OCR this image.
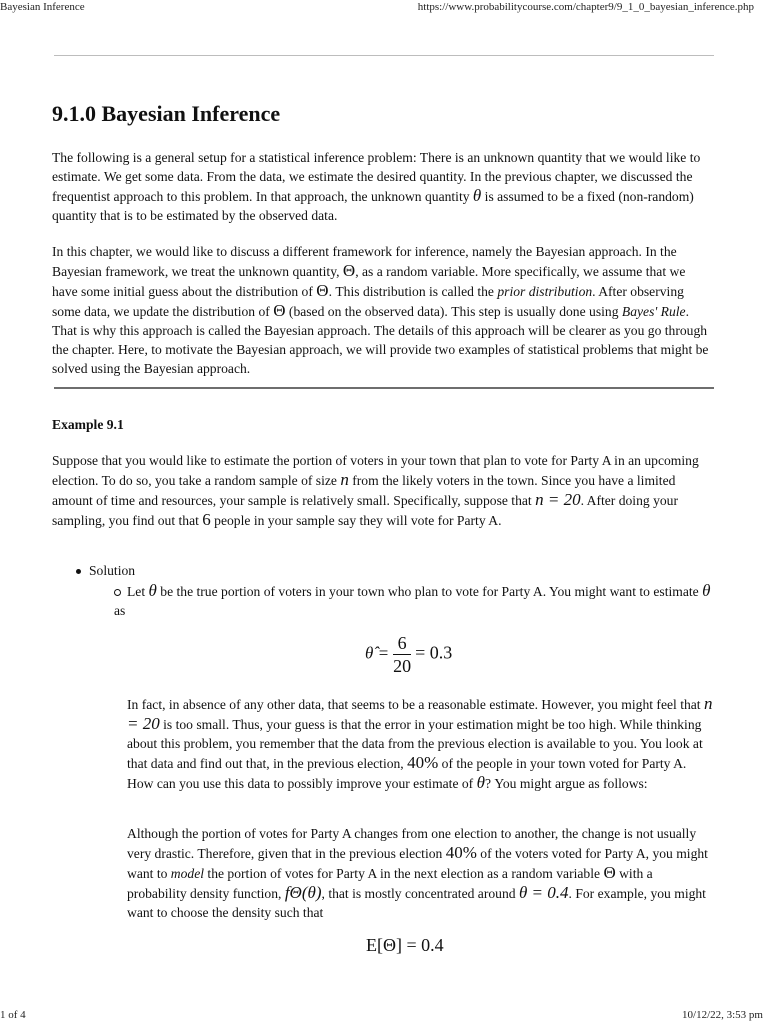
Bayesian Inference	https://www.probabilitycourse.com/chapter9/9_1_0_bayesian_inference.php
9.1.0 Bayesian Inference

The following is a general setup for a statistical inference problem: There is an unknown quantity that we would like to estimate. We get some data. From the data, we estimate the desired quantity. In the previous chapter, we discussed the frequentist approach to this problem. In that approach, the unknown quantity θ is assumed to be a fixed (non-random) quantity that is to be estimated by the observed data.

In this chapter, we would like to discuss a different framework for inference, namely the Bayesian approach. In the Bayesian framework, we treat the unknown quantity, Θ, as a random variable. More specifically, we assume that we have some initial guess about the distribution of Θ. This distribution is called the prior distribution. After observing some data, we update the distribution of Θ (based on the observed data). This step is usually done using Bayes' Rule. That is why this approach is called the Bayesian approach. The details of this approach will be clearer as you go through the chapter. Here, to motivate the Bayesian approach, we will provide two examples of statistical problems that might be solved using the Bayesian approach.

Example 9.1

Suppose that you would like to estimate the portion of voters in your town that plan to vote for Party A in an upcoming election. To do so, you take a random sample of size n from the likely voters in the town. Since you have a limited amount of time and resources, your sample is relatively small. Specifically, suppose that n = 20. After doing your sampling, you find out that 6 people in your sample say they will vote for Party A.

Solution

Let θ be the true portion of voters in your town who plan to vote for Party A. You might want to estimate θ as

θ̂ = $\frac{6}{20} = 0.3$

In fact, in absence of any other data, that seems to be a reasonable estimate. However, you might feel that n = 20 is too small. Thus, your guess is that the error in your estimation might be too high. While thinking about this problem, you remember that the data from the previous election is available to you. You look at that data and find out that, in the previous election, 40% of the people in your town voted for Party A. How can you use this data to possibly improve your estimate of θ? You might argue as follows:

Although the portion of votes for Party A changes from one election to another, the change is not usually very drastic. Therefore, given that in the previous election 40% of the voters voted for Party A, you might want to model the portion of votes for Party A in the next election as a random variable Θ with a probability density function, fΘ(θ), that is mostly concentrated around θ = 0.4. For example, you might want to choose the density such that

E[Θ] = 0.4
1 of 4	10/12/22, 3:53 pm
